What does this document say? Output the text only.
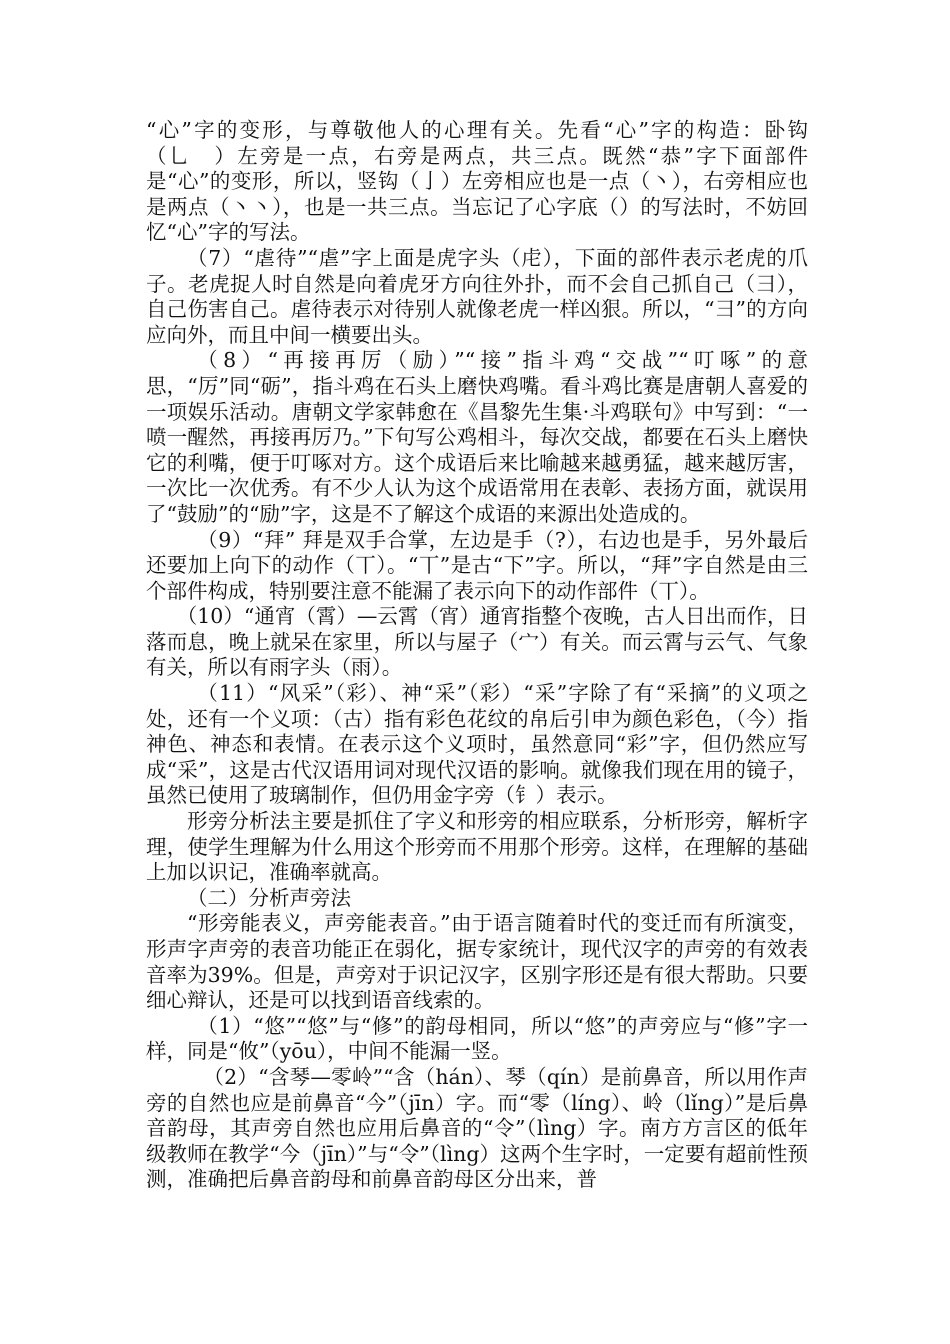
“心”字的变形，与尊敬他人的心理有关。先看“心”字的构造：卧钩（乚　）左旁是一点，右旁是两点，共三点。既然“恭”字下面部件是“心”的变形，所以，竖钩（亅）左旁相应也是一点（丶），右旁相应也是两点（丶丶），也是一共三点。当忘记了心字底（）的写法时，不妨回忆“心”字的写法。

（7）“虐待”“虐”字上面是虎字头（虍），下面的部件表示老虎的爪子。老虎捉人时自然是向着虎牙方向往外扑，而不会自己抓自己（彐），自己伤害自己。虐待表示对待别人就像老虎一样凶狠。所以，“彐”的方向应向外，而且中间一横要出头。

（8）“再接再厉（励）”“接”指斗鸡“交战”“叮啄”的意思，“厉”同“砺”，指斗鸡在石头上磨快鸡嘴。看斗鸡比赛是唐朝人喜爱的一项娱乐活动。唐朝文学家韩愈在《昌黎先生集·斗鸡联句》中写到：“一喷一醒然，再接再厉乃。”下句写公鸡相斗，每次交战，都要在石头上磨快它的利嘴，便于叮啄对方。这个成语后来比喻越来越勇猛，越来越厉害，一次比一次优秀。有不少人认为这个成语常用在表彰、表扬方面，就误用了“鼓励”的“励”字，这是不了解这个成语的来源出处造成的。

（9）“拜” 拜是双手合掌，左边是手（?），右边也是手，另外最后还要加上向下的动作（丅）。“丅”是古“下”字。所以，“拜”字自然是由三个部件构成，特别要注意不能漏了表示向下的动作部件（丅）。

（10）“通宵（霄）—云霄（宵）通宵指整个夜晚，古人日出而作，日落而息，晚上就呆在家里，所以与屋子（宀）有关。而云霄与云气、气象有关，所以有雨字头（雨）。

（11）“风采”（彩）、神“采”（彩）“采”字除了有“采摘”的义项之处，还有一个义项：（古）指有彩色花纹的帛后引申为颜色彩色，（今）指神色、神态和表情。在表示这个义项时，虽然意同“彩”字，但仍然应写成“采”，这是古代汉语用词对现代汉语的影响。就像我们现在用的镜子，虽然已使用了玻璃制作，但仍用金字旁（钅）表示。

形旁分析法主要是抓住了字义和形旁的相应联系，分析形旁，解析字理，使学生理解为什么用这个形旁而不用那个形旁。这样，在理解的基础上加以识记，准确率就高。

（二）分析声旁法

“形旁能表义，声旁能表音。”由于语言随着时代的变迁而有所演变，形声字声旁的表音功能正在弱化，据专家统计，现代汉字的声旁的有效表音率为39%。但是，声旁对于识记汉字，区别字形还是有很大帮助。只要细心辩认，还是可以找到语音线索的。

（1）“悠”“悠”与“修”的韵母相同，所以“悠”的声旁应与“修”字一样，同是“攸”（yōu），中间不能漏一竖。

（2）“含琴—零岭”“含（hán）、琴（qín）是前鼻音，所以用作声旁的自然也应是前鼻音“今”（jīn）字。而“零（líng）、岭（lǐng）”是后鼻音韵母，其声旁自然也应用后鼻音的“令”（lìng）字。南方方言区的低年级教师在教学“今（jīn）”与“令”（lìng）这两个生字时，一定要有超前性预测，准确把后鼻音韵母和前鼻音韵母区分出来，普
